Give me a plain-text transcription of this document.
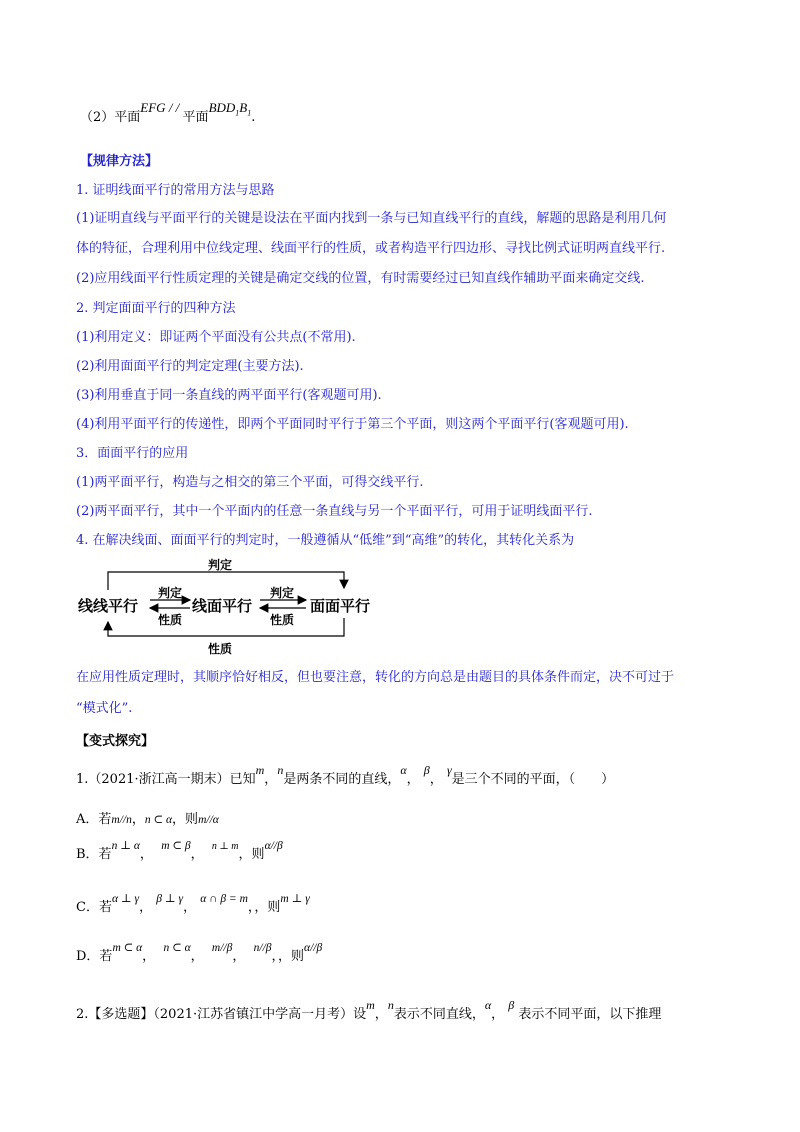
（2）平面EFG / / 平面$BDD_1B_1$.
【规律方法】
1. 证明线面平行的常用方法与思路
(1)证明直线与平面平行的关键是设法在平面内找到一条与已知直线平行的直线，解题的思路是利用几何
体的特征，合理利用中位线定理、线面平行的性质，或者构造平行四边形、寻找比例式证明两直线平行.
(2)应用线面平行性质定理的关键是确定交线的位置，有时需要经过已知直线作辅助平面来确定交线.
2. 判定面面平行的四种方法
(1)利用定义：即证两个平面没有公共点(不常用).
(2)利用面面平行的判定定理(主要方法).
(3)利用垂直于同一条直线的两平面平行(客观题可用).
(4)利用平面平行的传递性，即两个平面同时平行于第三个平面，则这两个平面平行(客观题可用).
3．面面平行的应用
(1)两平面平行，构造与之相交的第三个平面，可得交线平行.
(2)两平面平行，其中一个平面内的任意一条直线与另一个平面平行，可用于证明线面平行.
4. 在解决线面、面面平行的判定时，一般遵循从“低维”到“高维”的转化，其转化关系为
判定
性质
线线平行	线面平行	面面平行
判定
性质
判定
性质
在应用性质定理时，其顺序恰好相反，但也要注意，转化的方向总是由题目的具体条件而定，决不可过于
“模式化”.
【变式探究】
1.（2021·浙江高一期末）已知m，n是两条不同的直线，α， β， γ是三个不同的平面，（　　）
A．若m//n，n ⊂ α，则m//α
B．若n ⊥ α，  m ⊂ β，  $^{n \perp m}$，则α//β
C．若α ⊥ γ， β ⊥ γ， α ∩ β = m，，则m ⊥ γ
D．若m ⊂ α，  n ⊂ α，  m//β，  n//β，，则α//β
2.【多选题】（2021·江苏省镇江中学高一月考）设m，n表示不同直线，α， β 表示不同平面，以下推理
